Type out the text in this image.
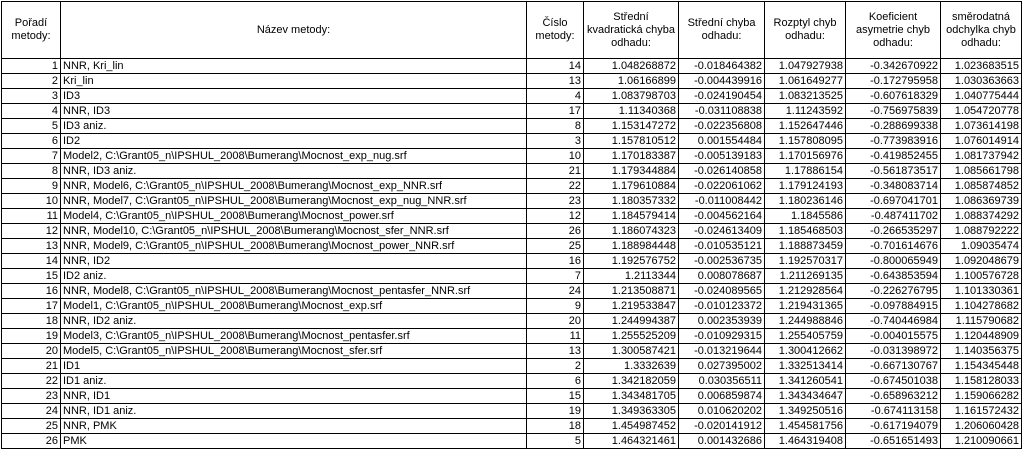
Pořadí metody:	Název metody:	Číslo metody:	Střední kvadratická chyba odhadu:	Střední chyba odhadu:	Rozptyl chyb odhadu:	Koeficient asymetrie chyb odhadu:	směrodatná odchylka chyb odhadu:
1	NNR, Kri_lin	14	1.048268872	-0.018464382	1.047927938	-0.342670922	1.023683515
2	Kri_lin	13	1.06166899	-0.004439916	1.061649277	-0.172795958	1.030363663
3	ID3	4	1.083798703	-0.024190454	1.083213525	-0.607618329	1.040775444
4	NNR, ID3	17	1.11340368	-0.031108838	1.11243592	-0.756975839	1.054720778
5	ID3 aniz.	8	1.153147272	-0.022356808	1.152647446	-0.288699338	1.073614198
6	ID2	3	1.157810512	0.001554484	1.157808095	-0.773983916	1.076014914
7	Model2, C:\Grant05_n\IPSHUL_2008\Bumerang\Mocnost_exp_nug.srf	10	1.170183387	-0.005139183	1.170156976	-0.419852455	1.081737942
8	NNR, ID3 aniz.	21	1.179344884	-0.026140858	1.17886154	-0.561873517	1.085661798
9	NNR, Model6, C:\Grant05_n\IPSHUL_2008\Bumerang\Mocnost_exp_NNR.srf	22	1.179610884	-0.022061062	1.179124193	-0.348083714	1.085874852
10	NNR, Model7, C:\Grant05_n\IPSHUL_2008\Bumerang\Mocnost_exp_nug_NNR.srf	23	1.180357332	-0.011008442	1.180236146	-0.697041701	1.086369739
11	Model4, C:\Grant05_n\IPSHUL_2008\Bumerang\Mocnost_power.srf	12	1.184579414	-0.004562164	1.1845586	-0.487411702	1.088374292
12	NNR, Model10, C:\Grant05_n\IPSHUL_2008\Bumerang\Mocnost_sfer_NNR.srf	26	1.186074323	-0.024613409	1.185468503	-0.266535297	1.088792222
13	NNR, Model9, C:\Grant05_n\IPSHUL_2008\Bumerang\Mocnost_power_NNR.srf	25	1.188984448	-0.010535121	1.188873459	-0.701614676	1.09035474
14	NNR, ID2	16	1.192576752	-0.002536735	1.192570317	-0.800065949	1.092048679
15	ID2 aniz.	7	1.2113344	0.008078687	1.211269135	-0.643853594	1.100576728
16	NNR, Model8, C:\Grant05_n\IPSHUL_2008\Bumerang\Mocnost_pentasfer_NNR.srf	24	1.213508871	-0.024089565	1.212928564	-0.226276795	1.101330361
17	Model1, C:\Grant05_n\IPSHUL_2008\Bumerang\Mocnost_exp.srf	9	1.219533847	-0.010123372	1.219431365	-0.097884915	1.104278682
18	NNR, ID2 aniz.	20	1.244994387	0.002353939	1.244988846	-0.740446984	1.115790682
19	Model3, C:\Grant05_n\IPSHUL_2008\Bumerang\Mocnost_pentasfer.srf	11	1.255525209	-0.010929315	1.255405759	-0.004015575	1.120448909
20	Model5, C:\Grant05_n\IPSHUL_2008\Bumerang\Mocnost_sfer.srf	13	1.300587421	-0.013219644	1.300412662	-0.031398972	1.140356375
21	ID1	2	1.3332639	0.027395002	1.332513414	-0.667130767	1.154345448
22	ID1 aniz.	6	1.342182059	0.030356511	1.341260541	-0.674501038	1.158128033
23	NNR, ID1	15	1.343481705	0.006859874	1.343434647	-0.658963212	1.159066282
24	NNR, ID1 aniz.	19	1.349363305	0.010620202	1.349250516	-0.674113158	1.161572432
25	NNR, PMK	18	1.454987452	-0.020141912	1.454581756	-0.617194079	1.206060428
26	PMK	5	1.464321461	0.001432686	1.464319408	-0.651651493	1.210090661
